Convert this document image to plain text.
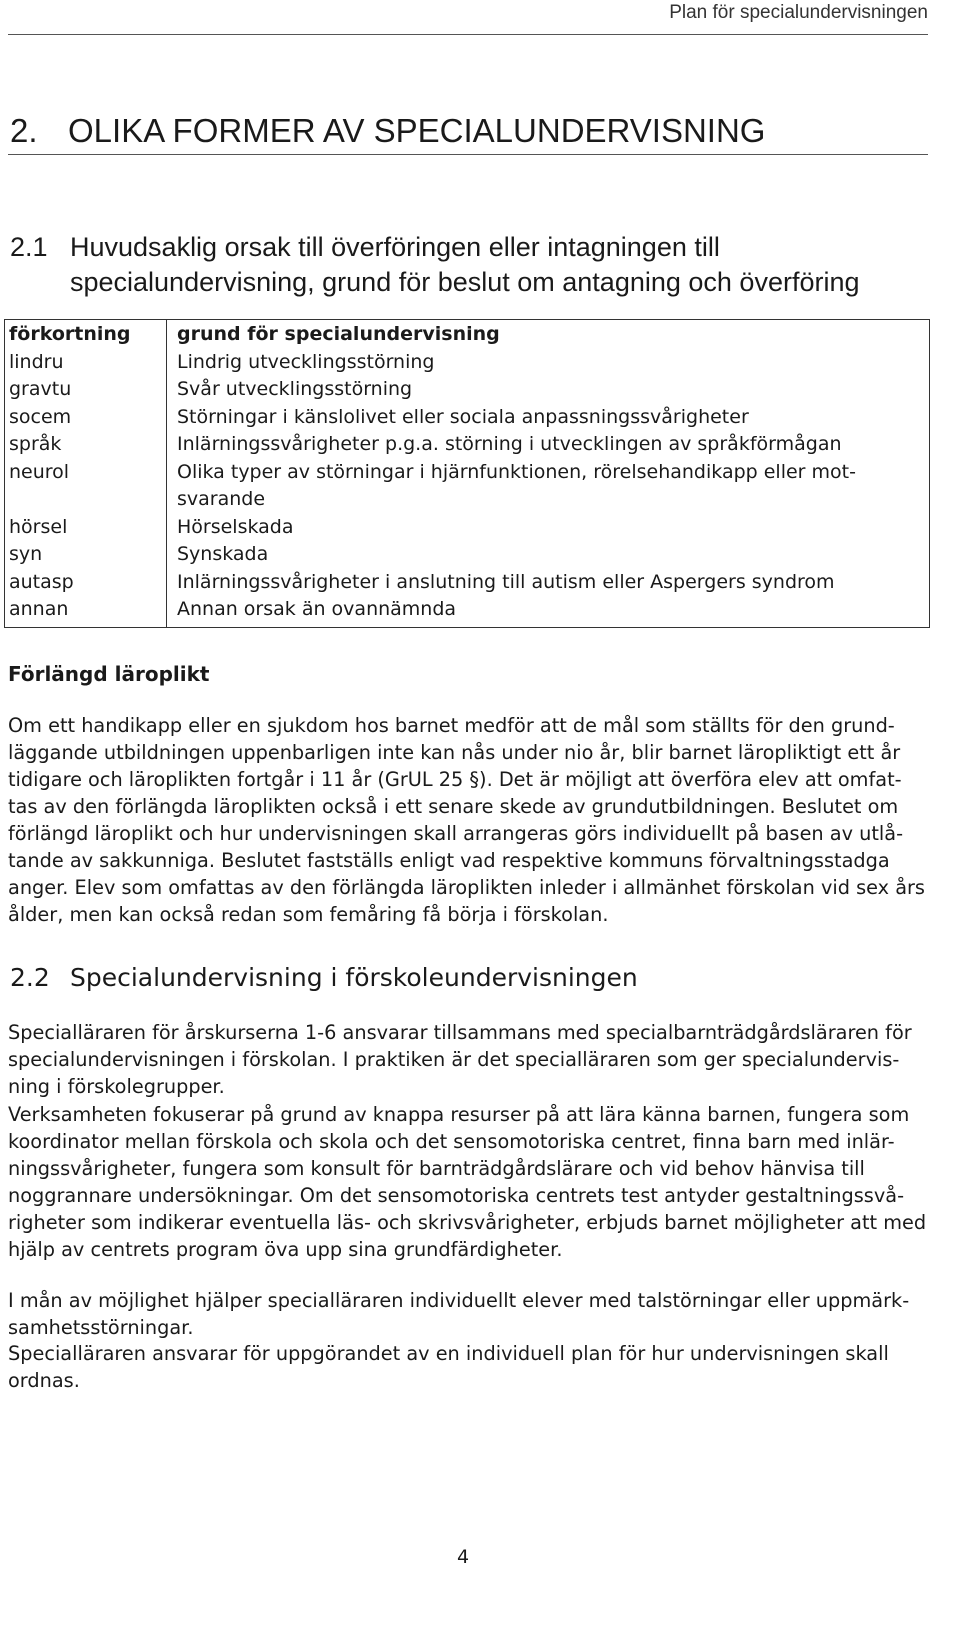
Plan för specialundervisningen
2. OLIKA FORMER AV SPECIALUNDERVISNING
2.1 Huvudsaklig orsak till överföringen eller intagningen till specialundervisning, grund för beslut om antagning och överföring
förkortning	grund för specialundervisning
lindru	Lindrig utvecklingsstörning
gravtu	Svår utvecklingsstörning
socem	Störningar i känslolivet eller sociala anpassningssvårigheter
språk	Inlärningssvårigheter p.g.a. störning i utvecklingen av språkförmågan
neurol	Olika typer av störningar i hjärnfunktionen, rörelsehandikapp eller mot-svarande
hörsel	Hörselskada
syn	Synskada
autasp	Inlärningssvårigheter i anslutning till autism eller Aspergers syndrom
annan	Annan orsak än ovannämnda
Förlängd läroplikt

Om ett handikapp eller en sjukdom hos barnet medför att de mål som ställts för den grund-läggande utbildningen uppenbarligen inte kan nås under nio år, blir barnet läropliktigt ett år tidigare och läroplikten fortgår i 11 år (GrUL 25 §). Det är möjligt att överföra elev att omfat-tas av den förlängda läroplikten också i ett senare skede av grundutbildningen. Beslutet om förlängd läroplikt och hur undervisningen skall arrangeras görs individuellt på basen av utlå-tande av sakkunniga. Beslutet fastställs enligt vad respektive kommuns förvaltningsstadga anger. Elev som omfattas av den förlängda läroplikten inleder i allmänhet förskolan vid sex års ålder, men kan också redan som femåring få börja i förskolan.

2.2 Specialundervisning i förskoleundervisningen

Specialläraren för årskurserna 1-6 ansvarar tillsammans med specialbarnträdgårdsläraren för specialundervisningen i förskolan. I praktiken är det specialläraren som ger specialundervis-ning i förskolegrupper.

Verksamheten fokuserar på grund av knappa resurser på att lära känna barnen, fungera som koordinator mellan förskola och skola och det sensomotoriska centret, finna barn med inlär-ningssvårigheter, fungera som konsult för barnträdgårdslärare och vid behov hänvisa till noggrannare undersökningar. Om det sensomotoriska centrets test antyder gestaltningssvå-righeter som indikerar eventuella läs- och skrivsvårigheter, erbjuds barnet möjligheter att med hjälp av centrets program öva upp sina grundfärdigheter.

I mån av möjlighet hjälper specialläraren individuellt elever med talstörningar eller uppmärk-samhetsstörningar.

Specialläraren ansvarar för uppgörandet av en individuell plan för hur undervisningen skall ordnas.

4
